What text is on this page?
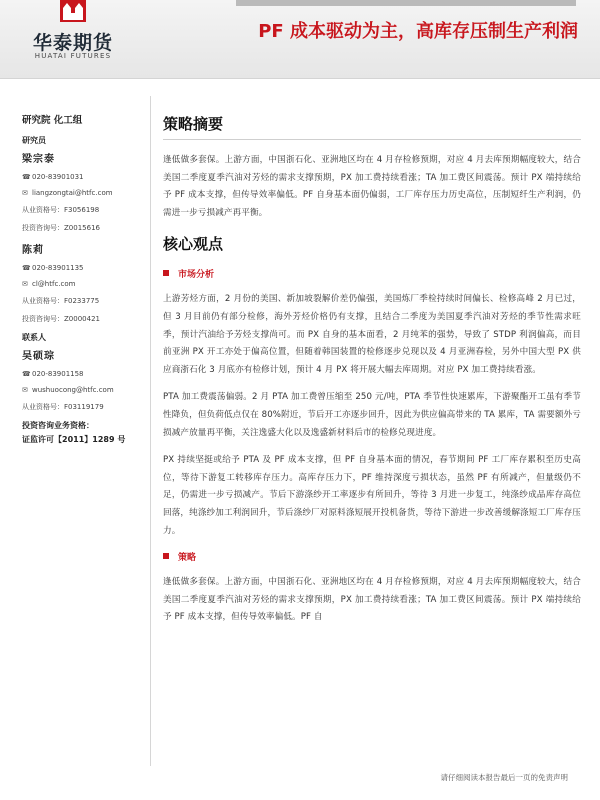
华泰期货
HUATAI FUTURES
PF 成本驱动为主，高库存压制生产利润
研究院 化工组
研究员
梁宗泰
☎020-83901031
✉ liangzongtai@htfc.com
从业资格号：F3056198
投资咨询号：Z0015616
陈莉
☎020-83901135
✉ cl@htfc.com
从业资格号：F0233775
投资咨询号：Z0000421
联系人
吴硕琮
☎020-83901158
✉ wushuocong@htfc.com
从业资格号：F03119179
投资咨询业务资格：
证监许可【2011】1289 号
策略摘要

逢低做多套保。上游方面，中国浙石化、亚洲地区均在 4 月存检修预期，对应 4 月去库预期幅度较大，结合美国二季度夏季汽油对芳烃的需求支撑预期，PX 加工费持续看涨；TA 加工费区间震荡。预计 PX 端持续给予 PF 成本支撑，但传导效率偏低。PF 自身基本面仍偏弱，工厂库存压力历史高位，压制短纤生产利润，仍需进一步亏损减产再平衡。

核心观点
市场分析

上游芳烃方面，2 月份的美国、新加坡裂解价差仍偏强，美国炼厂季检持续时间偏长、检修高峰 2 月已过，但 3 月目前仍有部分检修，海外芳烃价格仍有支撑，且结合二季度为美国夏季汽油对芳烃的季节性需求旺季，预计汽油给予芳烃支撑尚可。而 PX 自身的基本面看，2 月纯苯的强势，导致了 STDP 利润偏高，而目前亚洲 PX 开工亦处于偏高位置，但随着韩国装置的检修逐步兑现以及 4 月亚洲春检，另外中国大型 PX 供应商浙石化 3 月底亦有检修计划，预计 4 月 PX 将开展大幅去库周期。对应 PX 加工费持续看涨。

PTA 加工费震荡偏弱。2 月 PTA 加工费曾压缩至 250 元/吨，PTA 季节性快速累库，下游聚酯开工虽有季节性降负，但负荷低点仅在 80%附近，节后开工亦逐步回升，因此为供应偏高带来的 TA 累库，TA 需要额外亏损减产放量再平衡，关注逸盛大化以及逸盛新材料后市的检修兑现进度。

PX 持续坚挺或给予 PTA 及 PF 成本支撑，但 PF 自身基本面的情况，春节期间 PF 工厂库存累积至历史高位，等待下游复工转移库存压力。高库存压力下，PF 维持深度亏损状态，虽然 PF 有所减产，但量级仍不足，仍需进一步亏损减产。节后下游涤纱开工率逐步有所回升，等待 3 月进一步复工，纯涤纱成品库存高位回落，纯涤纱加工利润回升，节后涤纱厂对原料涤短展开投机备货，等待下游进一步改善缓解涤短工厂库存压力。

策略

逢低做多套保。上游方面，中国浙石化、亚洲地区均在 4 月存检修预期，对应 4 月去库预期幅度较大，结合美国二季度夏季汽油对芳烃的需求支撑预期，PX 加工费持续看涨；TA 加工费区间震荡。预计 PX 端持续给予 PF 成本支撑，但传导效率偏低。PF 自

请仔细阅读本报告最后一页的免责声明
